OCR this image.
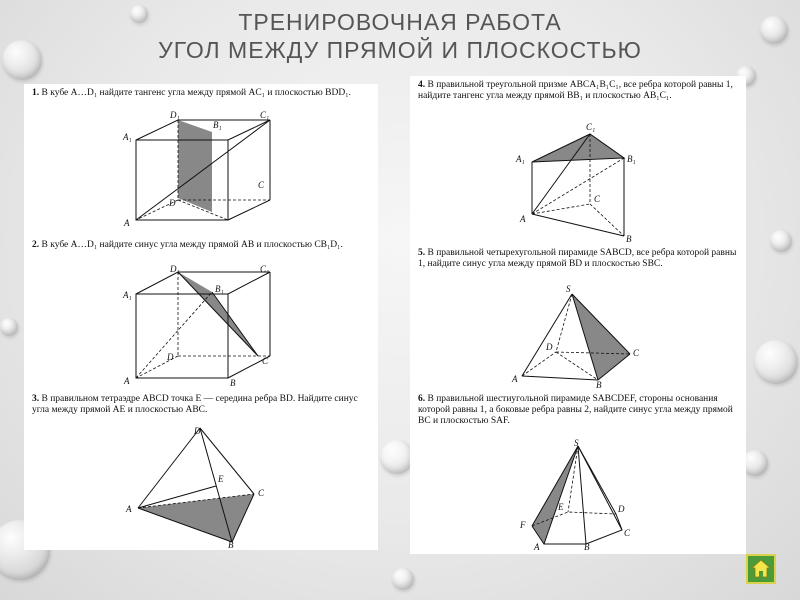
ТРЕНИРОВОЧНАЯ РАБОТА
УГОЛ МЕЖДУ ПРЯМОЙ И ПЛОСКОСТЬЮ
1. В кубе A…D₁ найдите тангенс угла между прямой AC₁ и плоскостью BDD₁.
D₁
B₁
C₁
A₁
C
D
A
2. В кубе A…D₁ найдите синус угла между прямой AB и плоскостью CB₁D₁.
D₁	C₁
A₁
B₁
C
D
A	B
3. В правильном тетраэдре ABCD точка E — середина ребра BD. Найдите синус угла между прямой AE и плоскостью ABC.
D
E
C
A
B
4. В правильной треугольной призме ABCA₁B₁C₁, все ребра которой равны 1, найдите тангенс угла между прямой BB₁ и плоскостью AB₁C₁.
C₁
A₁	B₁
C
A
B
5. В правильной четырехугольной пирамиде SABCD, все ребра которой равны 1, найдите синус угла между прямой BD и плоскостью SBC.
S
D
C
A
B
6. В правильной шестиугольной пирамиде SABCDEF, стороны основания которой равны 1, а боковые ребра равны 2, найдите синус угла между прямой BC и плоскостью SAF.
S
E	D
F
C
A	B
